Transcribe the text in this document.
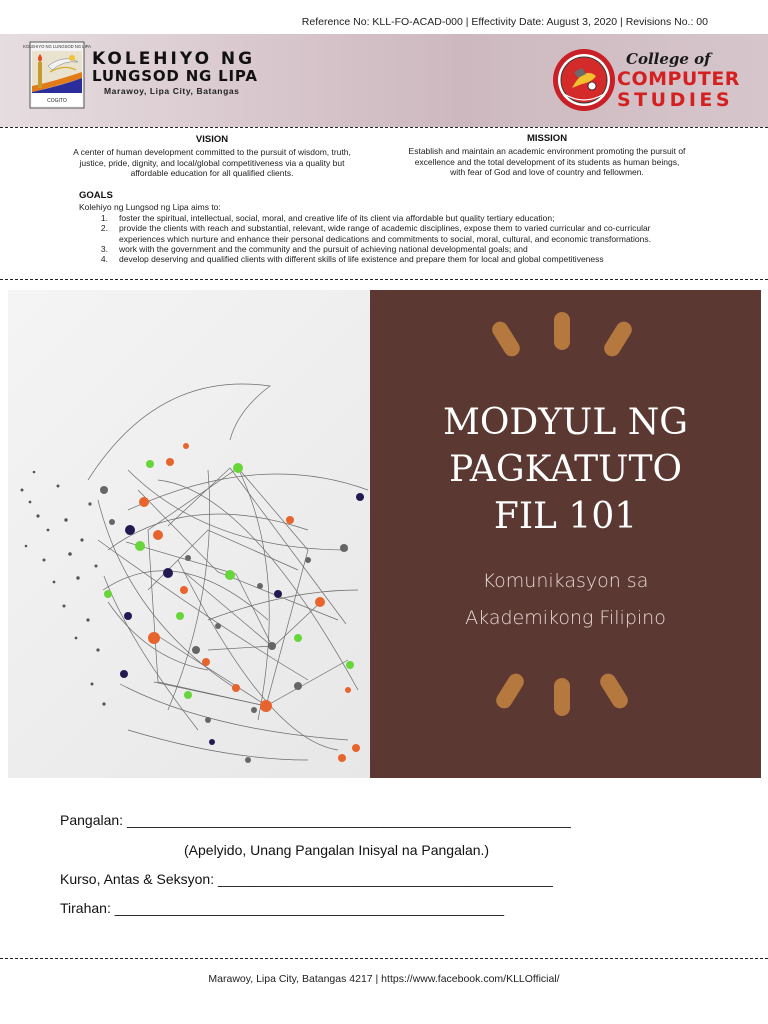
Reference No: KLL-FO-ACAD-000 | Effectivity Date: August 3, 2020 | Revisions No.: 00
KOLEHIYO NG LUNGSOD NG LIPA
COGITO
KOLEHIYO NG
LUNGSOD NG LIPA
Marawoy, Lipa City, Batangas
College of
COMPUTER
STUDIES
VISION
A center of human development committed to the pursuit of wisdom, truth,
justice, pride, dignity, and local/global competitiveness via a quality but
affordable education for all qualified clients.
MISSION
Establish and maintain an academic environment promoting the pursuit of
excellence and the total development of its students as human beings,
with fear of God and love of country and fellowmen.
GOALS
Kolehiyo ng Lungsod ng Lipa aims to:
1. foster the spiritual, intellectual, social, moral, and creative life of its client via affordable but quality tertiary education;
2. provide the clients with reach and substantial, relevant, wide range of academic disciplines, expose them to varied curricular and co-curricular
experiences which nurture and enhance their personal dedications and commitments to social, moral, cultural, and economic transformations.
3. work with the government and the community and the pursuit of achieving national developmental goals; and
4. develop deserving and qualified clients with different skills of life existence and prepare them for local and global competitiveness
MODYUL NG
PAGKATUTO
FIL 101
Komunikasyon sa
Akademikong Filipino
Pangalan: _________________________________________________________
(Apelyido, Unang Pangalan Inisyal na Pangalan.)
Kurso, Antas & Seksyon: ___________________________________________
Tirahan: __________________________________________________
Marawoy, Lipa City, Batangas 4217 | https://www.facebook.com/KLLOfficial/
